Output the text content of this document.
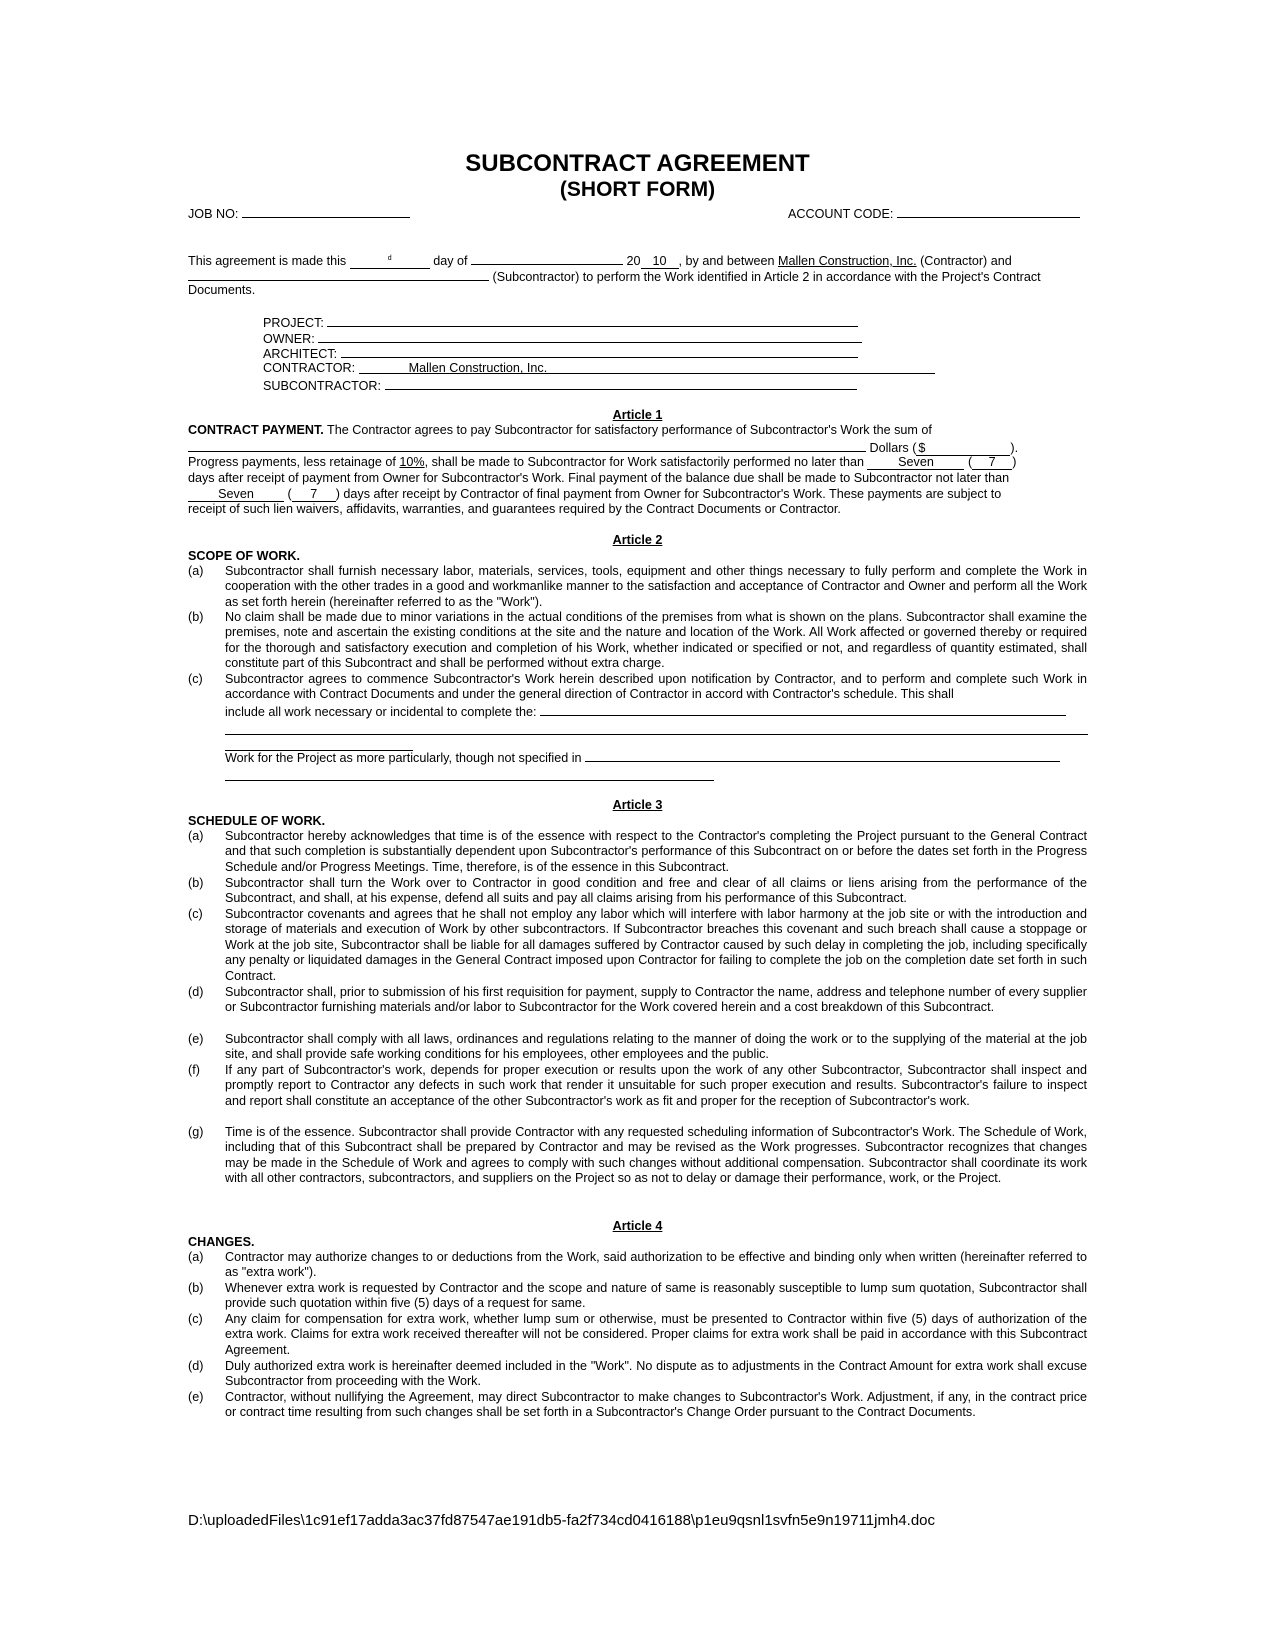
SUBCONTRACT AGREEMENT
(SHORT FORM)
JOB NO:	ACCOUNT CODE:
This agreement is made this	$^d$	day of	20 10 , by and between Mallen Construction, Inc. (Contractor) and
(Subcontractor) to perform the Work identified in Article 2 in accordance with the Project's Contract
Documents.
PROJECT:
OWNER:
ARCHITECT:
CONTRACTOR:	Mallen Construction, Inc.
SUBCONTRACTOR:
Article 1
CONTRACT PAYMENT. The Contractor agrees to pay Subcontractor for satisfactory performance of Subcontractor's Work the sum of
Dollars ( $	).
Progress payments, less retainage of 10%, shall be made to Subcontractor for Work satisfactorily performed no later than	Seven ( 7 )
days after receipt of payment from Owner for Subcontractor's Work. Final payment of the balance due shall be made to Subcontractor not later than
Seven ( 7 ) days after receipt by Contractor of final payment from Owner for Subcontractor's Work. These payments are subject to
receipt of such lien waivers, affidavits, warranties, and guarantees required by the Contract Documents or Contractor.
Article 2
SCOPE OF WORK.
(a) Subcontractor shall furnish necessary labor, materials, services, tools, equipment and other things necessary to fully perform and complete the Work in cooperation with the other trades in a good and workmanlike manner to the satisfaction and acceptance of Contractor and Owner and perform all the Work as set forth herein (hereinafter referred to as the "Work").
(b) No claim shall be made due to minor variations in the actual conditions of the premises from what is shown on the plans. Subcontractor shall examine the premises, note and ascertain the existing conditions at the site and the nature and location of the Work. All Work affected or governed thereby or required for the thorough and satisfactory execution and completion of his Work, whether indicated or specified or not, and regardless of quantity estimated, shall constitute part of this Subcontract and shall be performed without extra charge.
(c) Subcontractor agrees to commence Subcontractor's Work herein described upon notification by Contractor, and to perform and complete such Work in accordance with Contract Documents and under the general direction of Contractor in accord with Contractor's schedule. This shall
include all work necessary or incidental to complete the:
Work for the Project as more particularly, though not specified in
Article 3
SCHEDULE OF WORK.
(a) Subcontractor hereby acknowledges that time is of the essence with respect to the Contractor's completing the Project pursuant to the General Contract and that such completion is substantially dependent upon Subcontractor's performance of this Subcontract on or before the dates set forth in the Progress Schedule and/or Progress Meetings. Time, therefore, is of the essence in this Subcontract.
(b) Subcontractor shall turn the Work over to Contractor in good condition and free and clear of all claims or liens arising from the performance of the Subcontract, and shall, at his expense, defend all suits and pay all claims arising from his performance of this Subcontract.
(c) Subcontractor covenants and agrees that he shall not employ any labor which will interfere with labor harmony at the job site or with the introduction and storage of materials and execution of Work by other subcontractors. If Subcontractor breaches this covenant and such breach shall cause a stoppage or Work at the job site, Subcontractor shall be liable for all damages suffered by Contractor caused by such delay in completing the job, including specifically any penalty or liquidated damages in the General Contract imposed upon Contractor for failing to complete the job on the completion date set forth in such Contract.
(d) Subcontractor shall, prior to submission of his first requisition for payment, supply to Contractor the name, address and telephone number of every supplier or Subcontractor furnishing materials and/or labor to Subcontractor for the Work covered herein and a cost breakdown of this Subcontract.
(e) Subcontractor shall comply with all laws, ordinances and regulations relating to the manner of doing the work or to the supplying of the material at the job site, and shall provide safe working conditions for his employees, other employees and the public.
(f) If any part of Subcontractor's work, depends for proper execution or results upon the work of any other Subcontractor, Subcontractor shall inspect and promptly report to Contractor any defects in such work that render it unsuitable for such proper execution and results. Subcontractor's failure to inspect and report shall constitute an acceptance of the other Subcontractor's work as fit and proper for the reception of Subcontractor's work.
(g) Time is of the essence. Subcontractor shall provide Contractor with any requested scheduling information of Subcontractor's Work. The Schedule of Work, including that of this Subcontract shall be prepared by Contractor and may be revised as the Work progresses. Subcontractor recognizes that changes may be made in the Schedule of Work and agrees to comply with such changes without additional compensation. Subcontractor shall coordinate its work with all other contractors, subcontractors, and suppliers on the Project so as not to delay or damage their performance, work, or the Project.
Article 4
CHANGES.
(a) Contractor may authorize changes to or deductions from the Work, said authorization to be effective and binding only when written (hereinafter referred to as "extra work").
(b) Whenever extra work is requested by Contractor and the scope and nature of same is reasonably susceptible to lump sum quotation, Subcontractor shall provide such quotation within five (5) days of a request for same.
(c) Any claim for compensation for extra work, whether lump sum or otherwise, must be presented to Contractor within five (5) days of authorization of the extra work. Claims for extra work received thereafter will not be considered. Proper claims for extra work shall be paid in accordance with this Subcontract Agreement.
(d) Duly authorized extra work is hereinafter deemed included in the "Work". No dispute as to adjustments in the Contract Amount for extra work shall excuse Subcontractor from proceeding with the Work.
(e) Contractor, without nullifying the Agreement, may direct Subcontractor to make changes to Subcontractor's Work. Adjustment, if any, in the contract price or contract time resulting from such changes shall be set forth in a Subcontractor's Change Order pursuant to the Contract Documents.
D:\uploadedFiles\1c91ef17adda3ac37fd87547ae191db5-fa2f734cd0416188\p1eu9qsnl1svfn5e9n19711jmh4.doc
